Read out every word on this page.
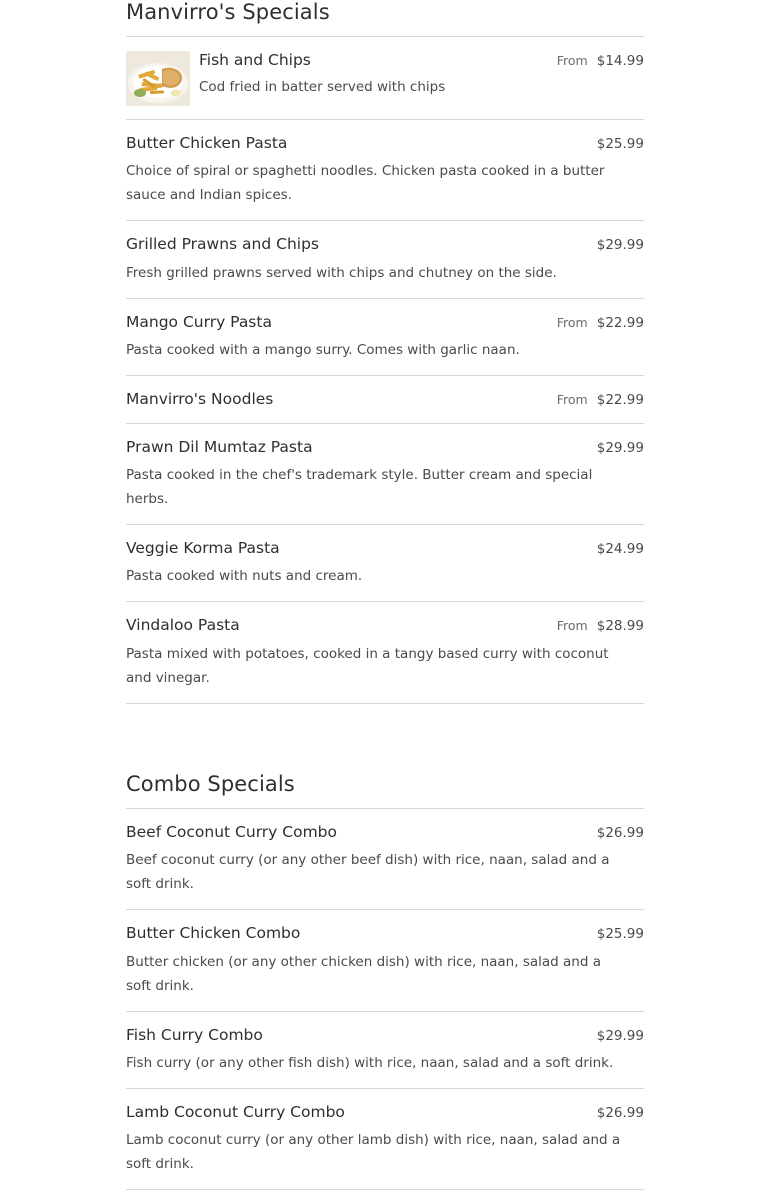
Manvirro's Specials
Fish and Chips	From $14.99
Cod fried in batter served with chips
Butter Chicken Pasta	$25.99
Choice of spiral or spaghetti noodles. Chicken pasta cooked in a butter sauce and Indian spices.
Grilled Prawns and Chips	$29.99
Fresh grilled prawns served with chips and chutney on the side.
Mango Curry Pasta	From $22.99
Pasta cooked with a mango surry. Comes with garlic naan.
Manvirro's Noodles	From $22.99
Prawn Dil Mumtaz Pasta	$29.99
Pasta cooked in the chef's trademark style. Butter cream and special herbs.
Veggie Korma Pasta	$24.99
Pasta cooked with nuts and cream.
Vindaloo Pasta	From $28.99
Pasta mixed with potatoes, cooked in a tangy based curry with coconut and vinegar.
Combo Specials
Beef Coconut Curry Combo	$26.99
Beef coconut curry (or any other beef dish) with rice, naan, salad and a soft drink.
Butter Chicken Combo	$25.99
Butter chicken (or any other chicken dish) with rice, naan, salad and a soft drink.
Fish Curry Combo	$29.99
Fish curry (or any other fish dish) with rice, naan, salad and a soft drink.
Lamb Coconut Curry Combo	$26.99
Lamb coconut curry (or any other lamb dish) with rice, naan, salad and a soft drink.
